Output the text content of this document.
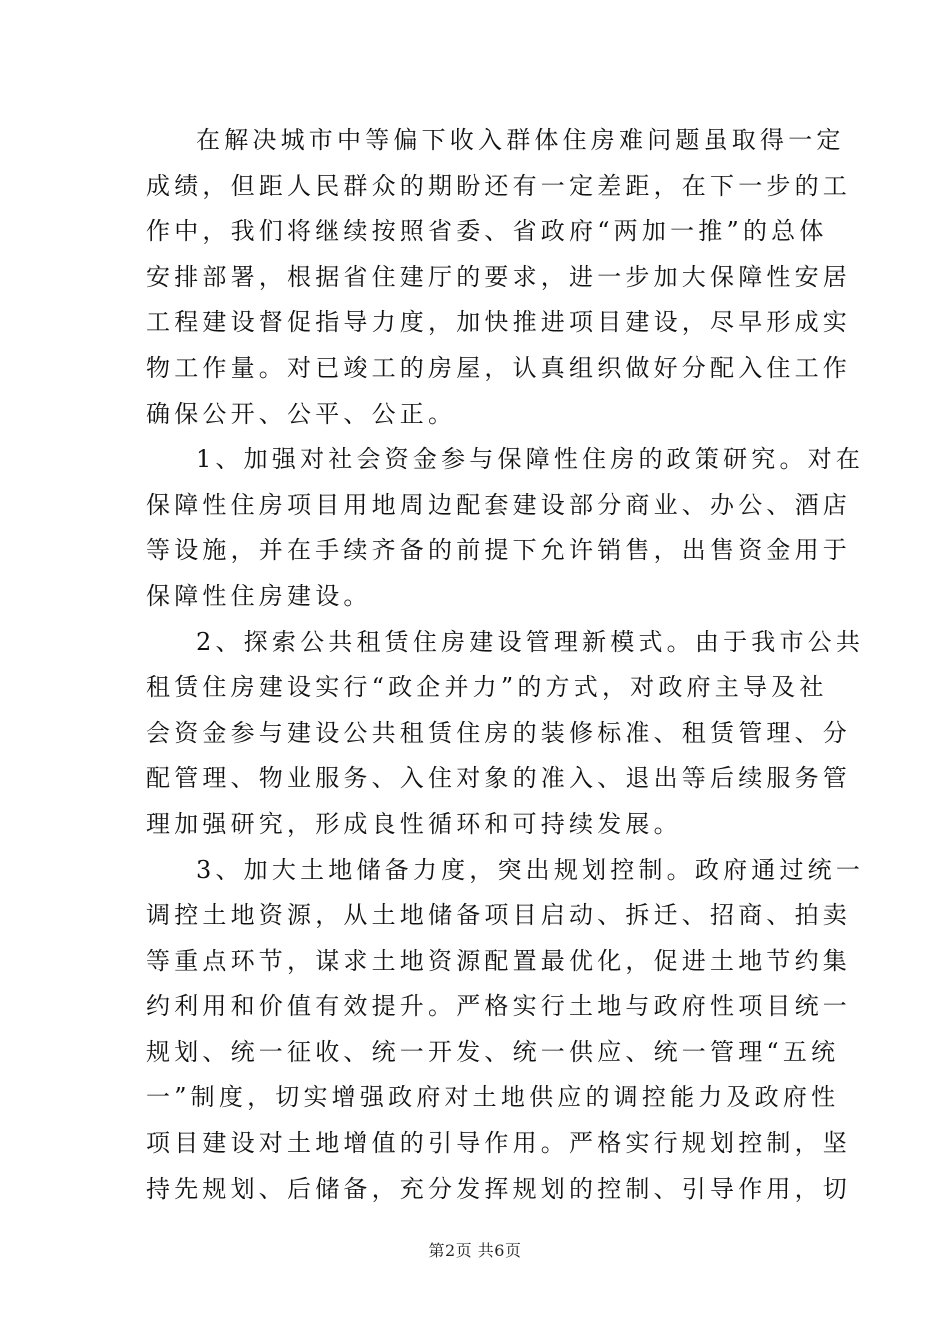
在解决城市中等偏下收入群体住房难问题虽取得一定
成绩，但距人民群众的期盼还有一定差距，在下一步的工
作中，我们将继续按照省委、省政府“两加一推”的总体
安排部署，根据省住建厅的要求，进一步加大保障性安居
工程建设督促指导力度，加快推进项目建设，尽早形成实
物工作量。对已竣工的房屋，认真组织做好分配入住工作
确保公开、公平、公正。
1、加强对社会资金参与保障性住房的政策研究。对在
保障性住房项目用地周边配套建设部分商业、办公、酒店
等设施，并在手续齐备的前提下允许销售，出售资金用于
保障性住房建设。
2、探索公共租赁住房建设管理新模式。由于我市公共
租赁住房建设实行“政企并力”的方式，对政府主导及社
会资金参与建设公共租赁住房的装修标准、租赁管理、分
配管理、物业服务、入住对象的准入、退出等后续服务管
理加强研究，形成良性循环和可持续发展。
3、加大土地储备力度，突出规划控制。政府通过统一
调控土地资源，从土地储备项目启动、拆迁、招商、拍卖
等重点环节，谋求土地资源配置最优化，促进土地节约集
约利用和价值有效提升。严格实行土地与政府性项目统一
规划、统一征收、统一开发、统一供应、统一管理“五统
一”制度，切实增强政府对土地供应的调控能力及政府性
项目建设对土地增值的引导作用。严格实行规划控制，坚
持先规划、后储备，充分发挥规划的控制、引导作用，切
第2页 共6页
